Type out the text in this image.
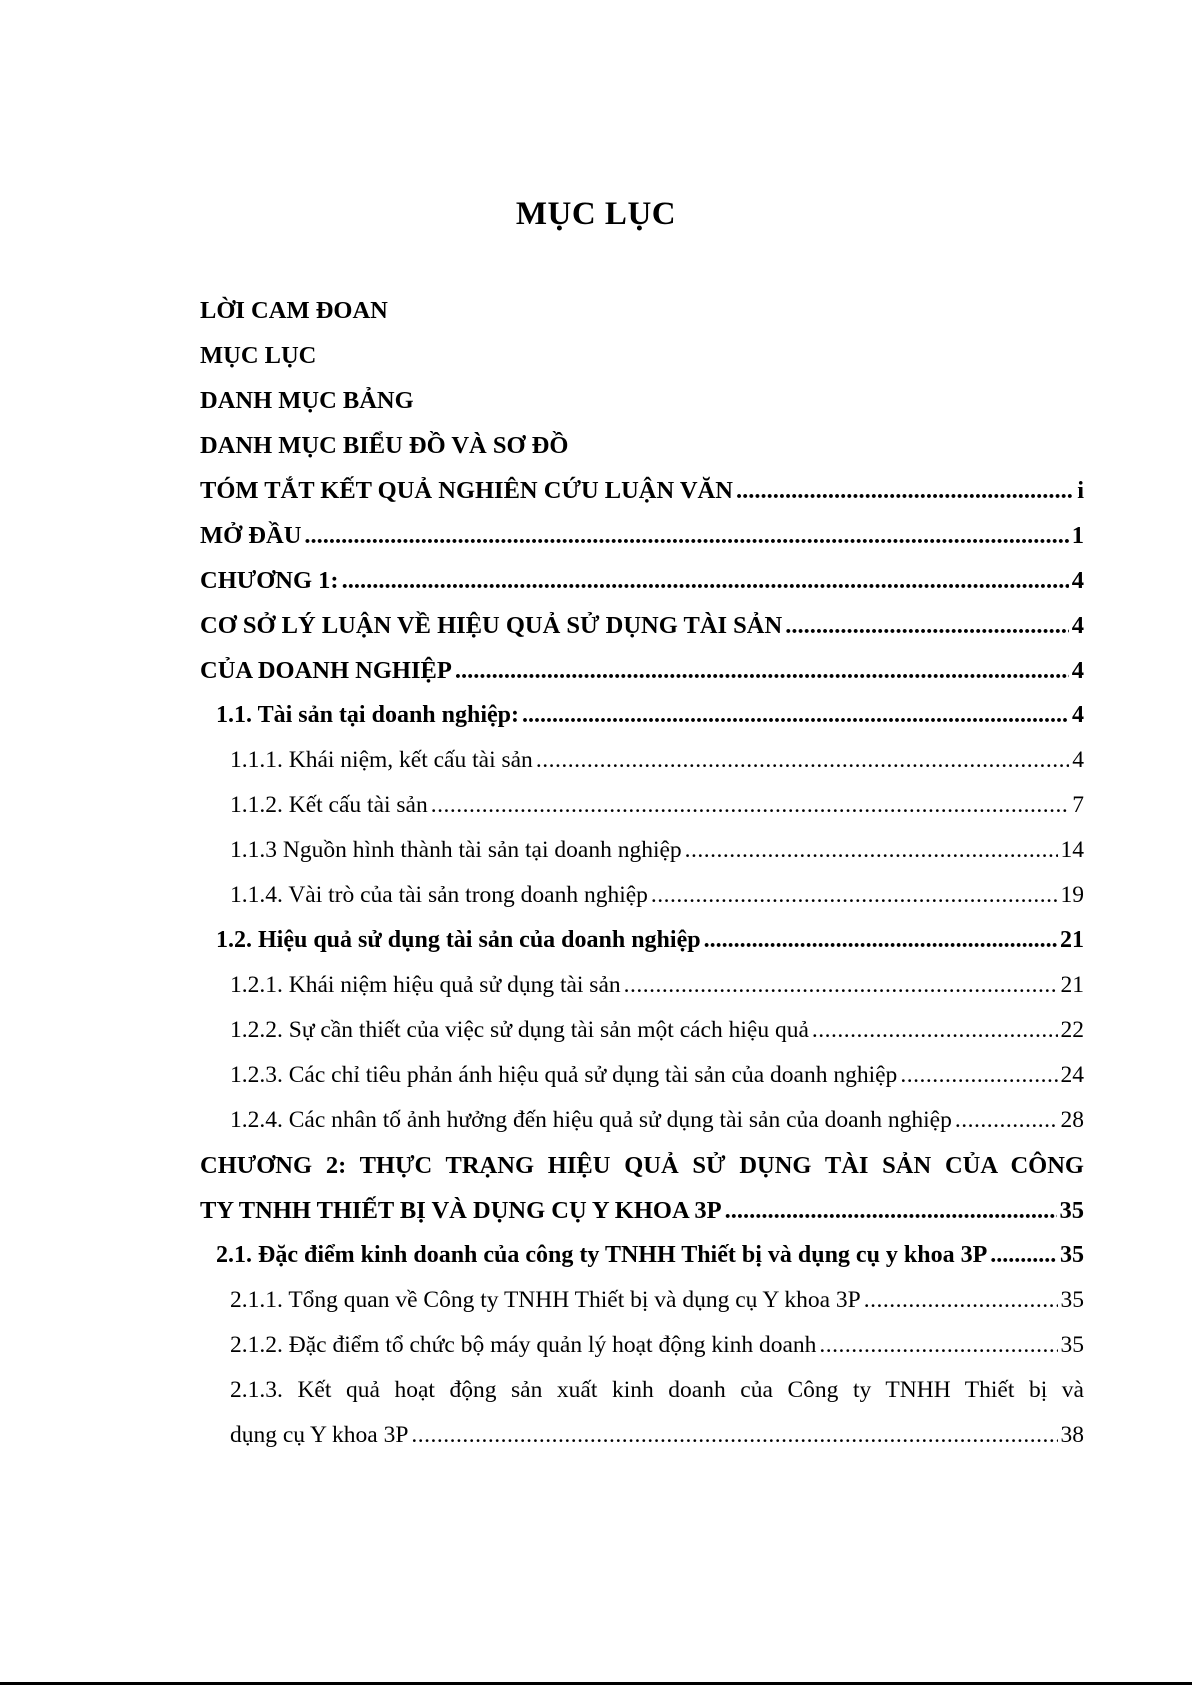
MỤC LỤC
LỜI CAM ĐOAN
MỤC LỤC
DANH MỤC BẢNG
DANH MỤC BIỂU ĐỒ VÀ SƠ ĐỒ
TÓM TẮT KẾT QUẢ NGHIÊN CỨU LUẬN VĂN .....	i
MỞ ĐẦU .....	1
CHƯƠNG 1: .....	4
CƠ SỞ LÝ LUẬN VỀ HIỆU QUẢ SỬ DỤNG TÀI SẢN .....	4
CỦA DOANH NGHIỆP .....	4
1.1. Tài sản tại doanh nghiệp: .....	4
1.1.1. Khái niệm, kết cấu tài sản .....	4
1.1.2. Kết cấu tài sản .....	7
1.1.3 Nguồn hình thành tài sản tại doanh nghiệp .....	14
1.1.4. Vài trò của tài sản trong doanh nghiệp .....	19
1.2. Hiệu quả sử dụng tài sản của doanh nghiệp .....	21
1.2.1. Khái niệm hiệu quả sử dụng tài sản .....	21
1.2.2. Sự cần thiết của việc sử dụng tài sản một cách hiệu quả .....	22
1.2.3. Các chỉ tiêu phản ánh hiệu quả sử dụng tài sản của doanh nghiệp .....	24
1.2.4. Các nhân tố ảnh hưởng đến hiệu quả sử dụng tài sản của doanh nghiệp .....	28
CHƯƠNG 2: THỰC TRẠNG HIỆU QUẢ SỬ DỤNG TÀI SẢN CỦA CÔNG
TY TNHH THIẾT BỊ VÀ DỤNG CỤ Y KHOA 3P .....	35
2.1. Đặc điểm kinh doanh của công ty TNHH Thiết bị và dụng cụ y khoa 3P .....	35
2.1.1. Tổng quan về Công ty TNHH Thiết bị và dụng cụ Y khoa 3P .....	35
2.1.2. Đặc điểm tổ chức bộ máy quản lý hoạt động kinh doanh .....	35
2.1.3. Kết quả hoạt động sản xuất kinh doanh của Công ty TNHH Thiết bị và
dụng cụ Y khoa 3P .....	38
